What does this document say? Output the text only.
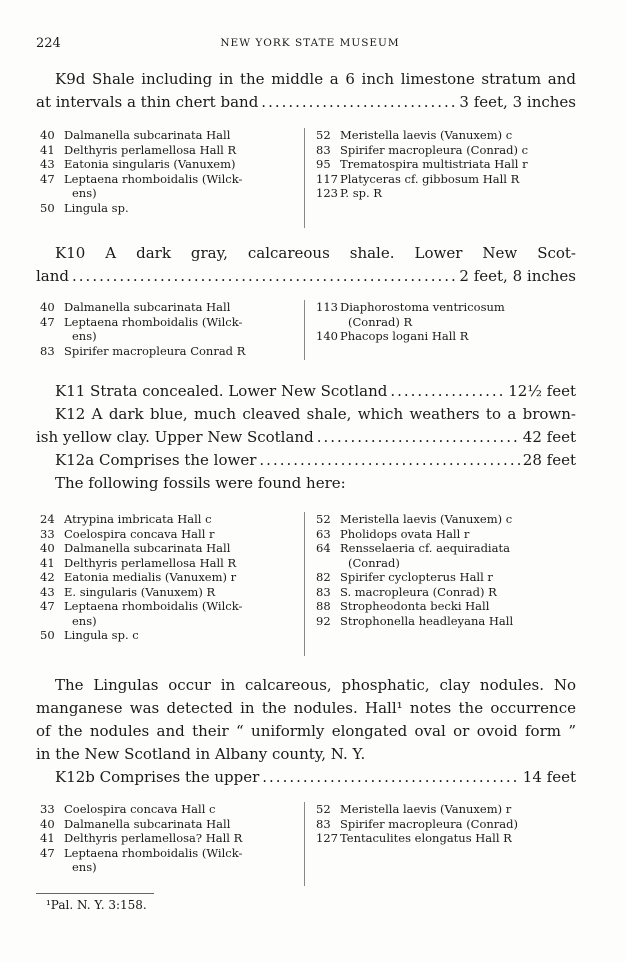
224	NEW YORK STATE MUSEUM
K9d Shale including in the middle a 6 inch limestone stratum and
at intervals a thin chert band .....	3 feet, 3 inches
40 Dalmanella subcarinata Hall
41 Delthyris perlamellosa Hall R
43 Eatonia singularis (Vanuxem)
47 Leptaena rhomboidalis (Wilck-
ens)
50 Lingula sp.
52 Meristella laevis (Vanuxem) c
83 Spirifer macropleura (Conrad) c
95 Trematospira multistriata Hall r
117 Platyceras cf. gibbosum Hall R
123 P. sp. R
K10 A dark gray, calcareous shale. Lower New Scot-
land .....	2 feet, 8 inches
40 Dalmanella subcarinata Hall
47 Leptaena rhomboidalis (Wilck-
ens)
83 Spirifer macropleura Conrad R
113 Diaphorostoma ventricosum
(Conrad) R
140 Phacops logani Hall R
K11 Strata concealed. Lower New Scotland .....	12½ feet
K12 A dark blue, much cleaved shale, which weathers to a brown-
ish yellow clay. Upper New Scotland .....	42 feet
K12a Comprises the lower .....	28 feet
The following fossils were found here:
24 Atrypina imbricata Hall c
33 Coelospira concava Hall r
40 Dalmanella subcarinata Hall
41 Delthyris perlamellosa Hall R
42 Eatonia medialis (Vanuxem) r
43 E. singularis (Vanuxem) R
47 Leptaena rhomboidalis (Wilck-
ens)
50 Lingula sp. c
52 Meristella laevis (Vanuxem) c
63 Pholidops ovata Hall r
64 Rensselaeria cf. aequiradiata
(Conrad)
82 Spirifer cyclopterus Hall r
83 S. macropleura (Conrad) R
88 Stropheodonta becki Hall
92 Strophonella headleyana Hall
The Lingulas occur in calcareous, phosphatic, clay nodules. No
manganese was detected in the nodules. Hall¹ notes the occurrence
of the nodules and their “ uniformly elongated oval or ovoid form ”
in the New Scotland in Albany county, N. Y.
K12b Comprises the upper .....	14 feet
33 Coelospira concava Hall c
40 Dalmanella subcarinata Hall
41 Delthyris perlamellosa? Hall R
47 Leptaena rhomboidalis (Wilck-
ens)
52 Meristella laevis (Vanuxem) r
83 Spirifer macropleura (Conrad)
127 Tentaculites elongatus Hall R
¹Pal. N. Y. 3:158.
